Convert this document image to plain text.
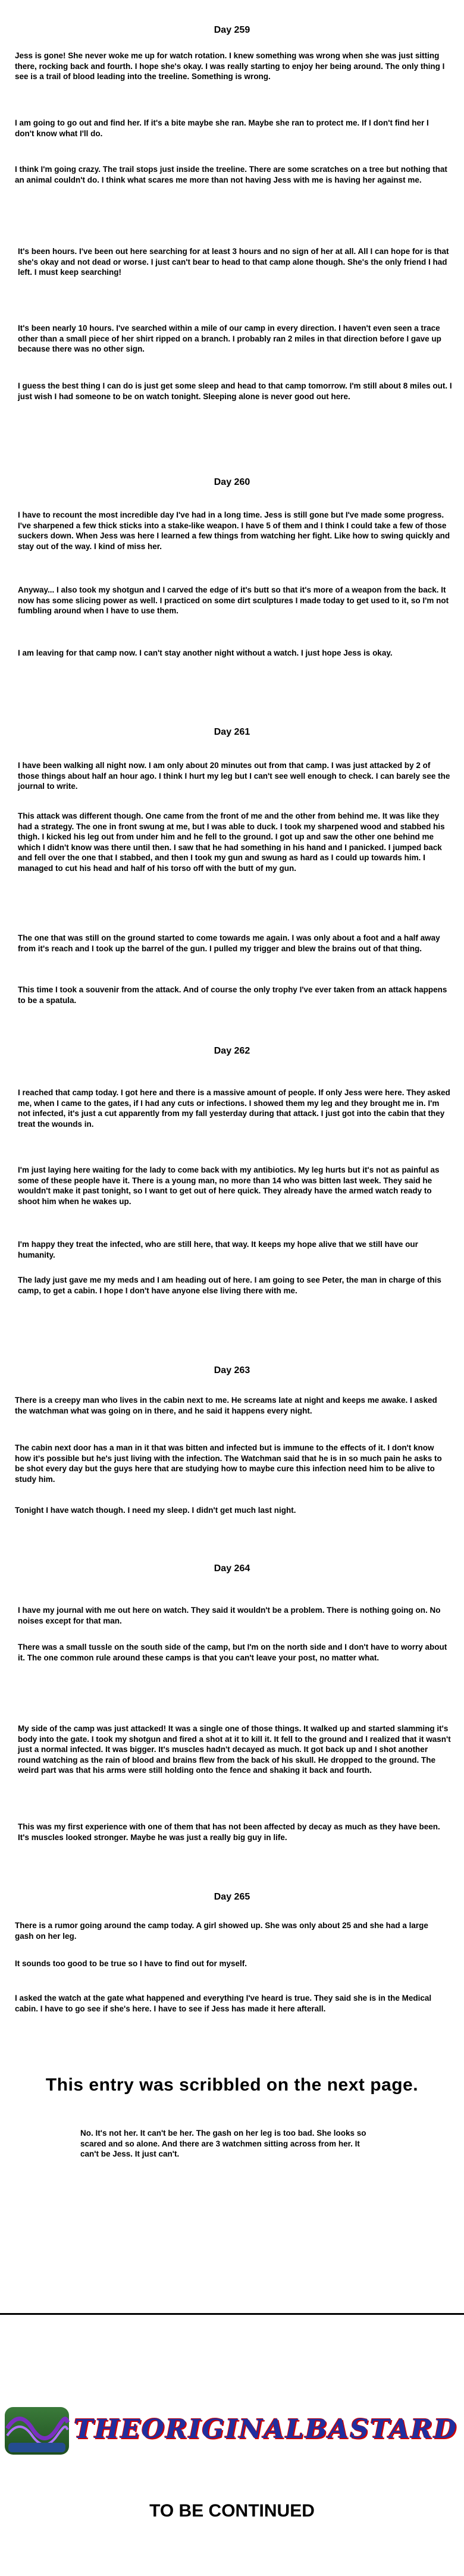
Day 259

Jess is gone! She never woke me up for watch rotation. I knew something was wrong when she was just sitting there, rocking back and fourth. I hope she's okay. I was really starting to enjoy her being around. The only thing I see is a trail of blood leading into the treeline. Something is wrong.

I am going to go out and find her. If it's a bite maybe she ran. Maybe she ran to protect me. If I don't find her I don't know what I'll do.

I think I'm going crazy. The trail stops just inside the treeline. There are some scratches on a tree but nothing that an animal couldn't do. I think what scares me more than not having Jess with me is having her against me.

It's been hours. I've been out here searching for at least 3 hours and no sign of her at all. All I can hope for is that she's okay and not dead or worse. I just can't bear to head to that camp alone though. She's the only friend I had left. I must keep searching!

It's been nearly 10 hours. I've searched within a mile of our camp in every direction. I haven't even seen a trace other than a small piece of her shirt ripped on a branch. I probably ran 2 miles in that direction before I gave up because there was no other sign.

I guess the best thing I can do is just get some sleep and head to that camp tomorrow. I'm still about 8 miles out. I just wish I had someone to be on watch tonight. Sleeping alone is never good out here.

Day 260

I have to recount the most incredible day I've had in a long time. Jess is still gone but I've made some progress. I've sharpened a few thick sticks into a stake-like weapon. I have 5 of them and I think I could take a few of those suckers down. When Jess was here I learned a few things from watching her fight. Like how to swing quickly and stay out of the way. I kind of miss her.

Anyway... I also took my shotgun and I carved the edge of it's butt so that it's more of a weapon from the back. It now has some slicing power as well. I practiced on some dirt sculptures I made today to get used to it, so I'm not fumbling around when I have to use them.

I am leaving for that camp now. I can't stay another night without a watch. I just hope Jess is okay.

Day 261

I have been walking all night now. I am only about 20 minutes out from that camp. I was just attacked by 2 of those things about half an hour ago. I think I hurt my leg but I can't see well enough to check. I can barely see the journal to write.

This attack was different though. One came from the front of me and the other from behind me. It was like they had a strategy. The one in front swung at me, but I was able to duck. I took my sharpened wood and stabbed his thigh. I kicked his leg out from under him and he fell to the ground. I got up and saw the other one behind me which I didn't know was there until then. I saw that he had something in his hand and I panicked. I jumped back and fell over the one that I stabbed, and then I took my gun and swung as hard as I could up towards him. I managed to cut his head and half of his torso off with the butt of my gun.

The one that was still on the ground started to come towards me again. I was only about a foot and a half away from it's reach and I took up the barrel of the gun. I pulled my trigger and blew the brains out of that thing.

This time I took a souvenir from the attack. And of course the only trophy I've ever taken from an attack happens to be a spatula.

Day 262

I reached that camp today. I got here and there is a massive amount of people. If only Jess were here. They asked me, when I came to the gates, if I had any cuts or infections. I showed them my leg and they brought me in. I'm not infected, it's just a cut apparently from my fall yesterday during that attack. I just got into the cabin that they treat the wounds in.

I'm just laying here waiting for the lady to come back with my antibiotics. My leg hurts but it's not as painful as some of these people have it. There is a young man, no more than 14 who was bitten last week. They said he wouldn't make it past tonight, so I want to get out of here quick. They already have the armed watch ready to shoot him when he wakes up.

I'm happy they treat the infected, who are still here, that way. It keeps my hope alive that we still have our humanity.

The lady just gave me my meds and I am heading out of here. I am going to see Peter, the man in charge of this camp, to get a cabin. I hope I don't have anyone else living there with me.

Day 263

There is a creepy man who lives in the cabin next to me. He screams late at night and keeps me awake. I asked the watchman what was going on in there, and he said it happens every night.

The cabin next door has a man in it that was bitten and infected but is immune to the effects of it. I don't know how it's possible but he's just living with the infection. The Watchman said that he is in so much pain he asks to be shot every day but the guys here that are studying how to maybe cure this infection need him to be alive to study him.

Tonight I have watch though. I need my sleep. I didn't get much last night.

Day 264

I have my journal with me out here on watch. They said it wouldn't be a problem. There is nothing going on. No noises except for that man.

There was a small tussle on the south side of the camp, but I'm on the north side and I don't have to worry about it. The one common rule around these camps is that you can't leave your post, no matter what.

My side of the camp was just attacked! It was a single one of those things. It walked up and started slamming it's body into the gate. I took my shotgun and fired a shot at it to kill it. It fell to the ground and I realized that it wasn't just a normal infected. It was bigger. It's muscles hadn't decayed as much. It got back up and I shot another round watching as the rain of blood and brains flew from the back of his skull. He dropped to the ground. The weird part was that his arms were still holding onto the fence and shaking it back and fourth.

This was my first experience with one of them that has not been affected by decay as much as they have been. It's muscles looked stronger. Maybe he was just a really big guy in life.

Day 265

There is a rumor going around the camp today. A girl showed up. She was only about 25 and she had a large gash on her leg.

It sounds too good to be true so I have to find out for myself.

I asked the watch at the gate what happened and everything I've heard is true. They said she is in the Medical cabin. I have to go see if she's here. I have to see if Jess has made it here afterall.

This entry was scribbled on the next page.

No. It's not her. It can't be her. The gash on her leg is too bad. She looks so scared and so alone. And there are 3 watchmen sitting across from her. It can't be Jess. It just can't.

THEORIGINALBASTARD

TO BE CONTINUED
